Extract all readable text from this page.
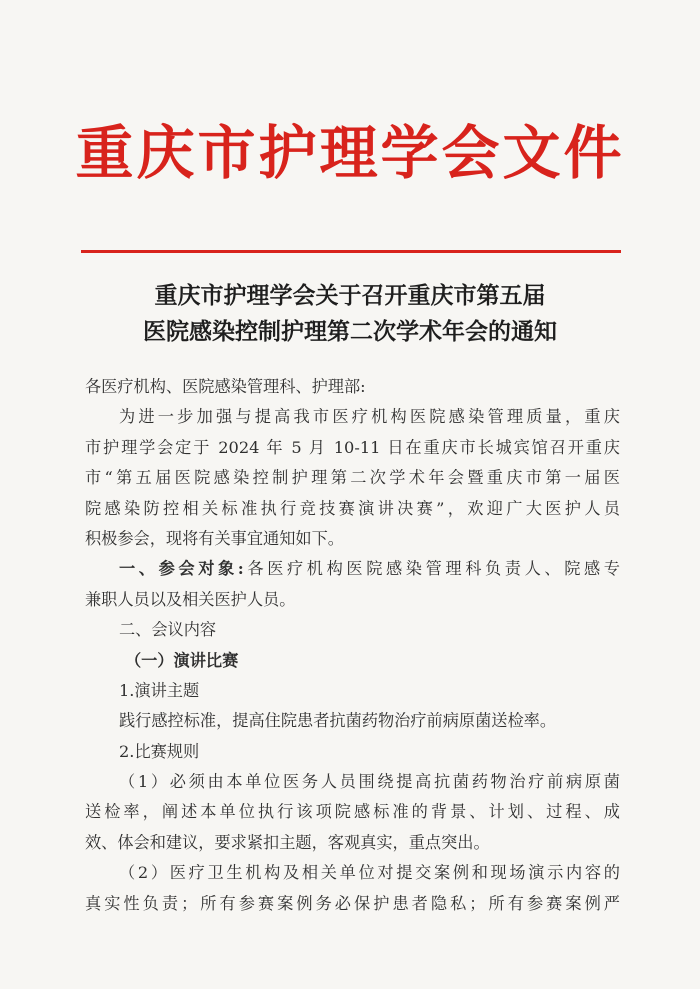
重庆市护理学会文件
重庆市护理学会关于召开重庆市第五届
医院感染控制护理第二次学术年会的通知
各医疗机构、医院感染管理科、护理部:
为进一步加强与提高我市医疗机构医院感染管理质量，重庆
市护理学会定于 2024 年 5 月 10-11 日在重庆市长城宾馆召开重庆
市“第五届医院感染控制护理第二次学术年会暨重庆市第一届医
院感染防控相关标准执行竞技赛演讲决赛”，欢迎广大医护人员
积极参会，现将有关事宜通知如下。
一、参会对象:各医疗机构医院感染管理科负责人、院感专
兼职人员以及相关医护人员。
二、会议内容
（一）演讲比赛
1.演讲主题
践行感控标准，提高住院患者抗菌药物治疗前病原菌送检率。
2.比赛规则
（1）必须由本单位医务人员围绕提高抗菌药物治疗前病原菌
送检率，阐述本单位执行该项院感标准的背景、计划、过程、成
效、体会和建议，要求紧扣主题，客观真实，重点突出。
（2）医疗卫生机构及相关单位对提交案例和现场演示内容的
真实性负责；所有参赛案例务必保护患者隐私；所有参赛案例严
